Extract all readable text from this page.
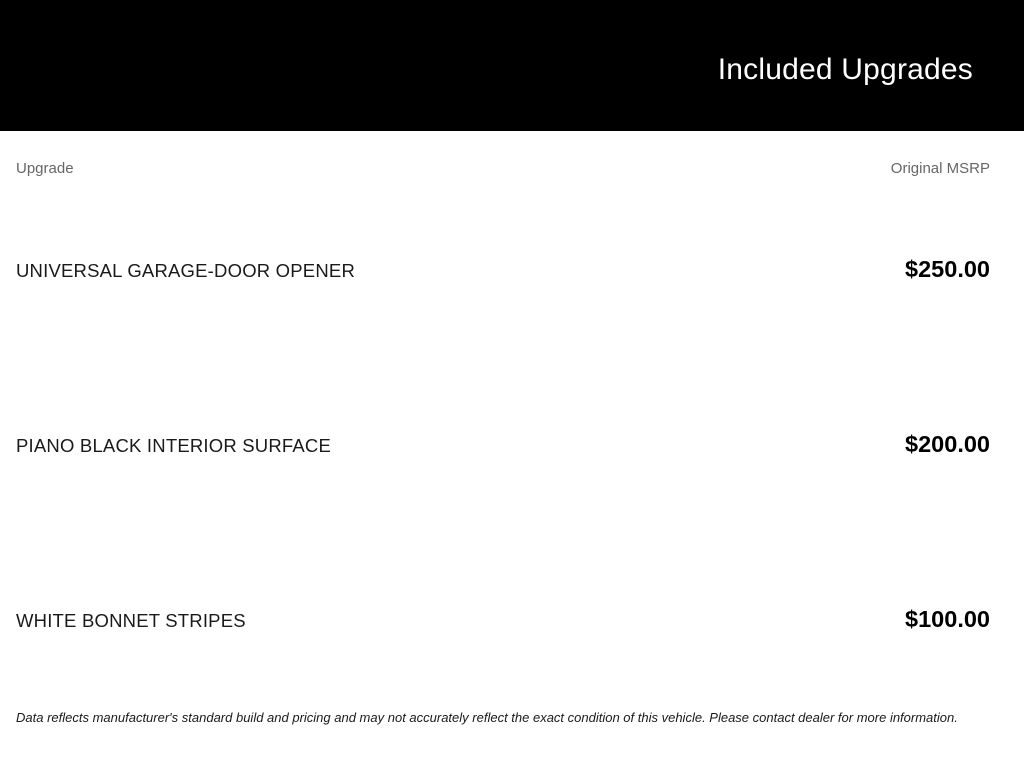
Included Upgrades
Upgrade	Original MSRP
UNIVERSAL GARAGE-DOOR OPENER	$250.00
PIANO BLACK INTERIOR SURFACE	$200.00
WHITE BONNET STRIPES	$100.00
Data reflects manufacturer's standard build and pricing and may not accurately reflect the exact condition of this vehicle. Please contact dealer for more information.
